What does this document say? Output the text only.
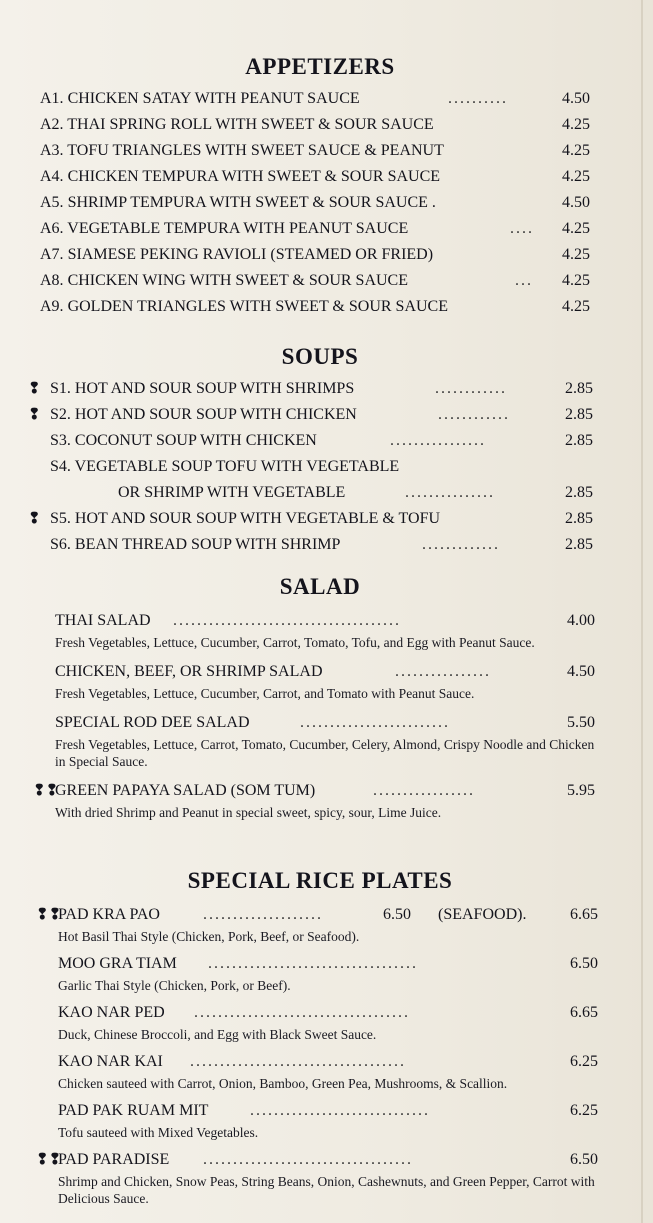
APPETIZERS
A1. CHICKEN SATAY WITH PEANUT SAUCE	..........	4.50
A2. THAI SPRING ROLL WITH SWEET & SOUR SAUCE	4.25
A3. TOFU TRIANGLES WITH SWEET SAUCE & PEANUT	4.25
A4. CHICKEN TEMPURA WITH SWEET & SOUR SAUCE	4.25
A5. SHRIMP TEMPURA WITH SWEET & SOUR SAUCE .	4.50
A6. VEGETABLE TEMPURA WITH PEANUT SAUCE	....	4.25
A7. SIAMESE PEKING RAVIOLI (STEAMED OR FRIED)	4.25
A8. CHICKEN WING WITH SWEET & SOUR SAUCE	...	4.25
A9. GOLDEN TRIANGLES WITH SWEET & SOUR SAUCE	4.25
SOUPS
❢ S1. HOT AND SOUR SOUP WITH SHRIMPS	............	2.85
❢ S2. HOT AND SOUR SOUP WITH CHICKEN	............	2.85
S3. COCONUT SOUP WITH CHICKEN	................	2.85
S4. VEGETABLE SOUP TOFU WITH VEGETABLE
OR SHRIMP WITH VEGETABLE	...............	2.85
❢ S5. HOT AND SOUR SOUP WITH VEGETABLE & TOFU	2.85
S6. BEAN THREAD SOUP WITH SHRIMP	.............	2.85
SALAD
THAI SALAD ......................................	4.00
Fresh Vegetables, Lettuce, Cucumber, Carrot, Tomato, Tofu, and Egg with Peanut Sauce.
CHICKEN, BEEF, OR SHRIMP SALAD	................	4.50
Fresh Vegetables, Lettuce, Cucumber, Carrot, and Tomato with Peanut Sauce.
SPECIAL ROD DEE SALAD	.........................	5.50
Fresh Vegetables, Lettuce, Carrot, Tomato, Cucumber, Celery, Almond, Crispy Noodle and Chicken in Special Sauce.
❢❢
GREEN PAPAYA SALAD (SOM TUM)	.................	5.95
With dried Shrimp and Peanut in special sweet, spicy, sour, Lime Juice.
SPECIAL RICE PLATES
❢❢
PAD KRA PAO	....................	6.50 (SEAFOOD).	6.65
Hot Basil Thai Style (Chicken, Pork, Beef, or Seafood).
MOO GRA TIAM ...................................	6.50
Garlic Thai Style (Chicken, Pork, or Beef).
KAO NAR PED ....................................	6.65
Duck, Chinese Broccoli, and Egg with Black Sweet Sauce.
KAO NAR KAI ....................................	6.25
Chicken sauteed with Carrot, Onion, Bamboo, Green Pea, Mushrooms, & Scallion.
PAD PAK RUAM MIT	..............................	6.25
Tofu sauteed with Mixed Vegetables.
❢❢
PAD PARADISE ...................................	6.50
Shrimp and Chicken, Snow Peas, String Beans, Onion, Cashewnuts, and Green Pepper, Carrot with Delicious Sauce.
